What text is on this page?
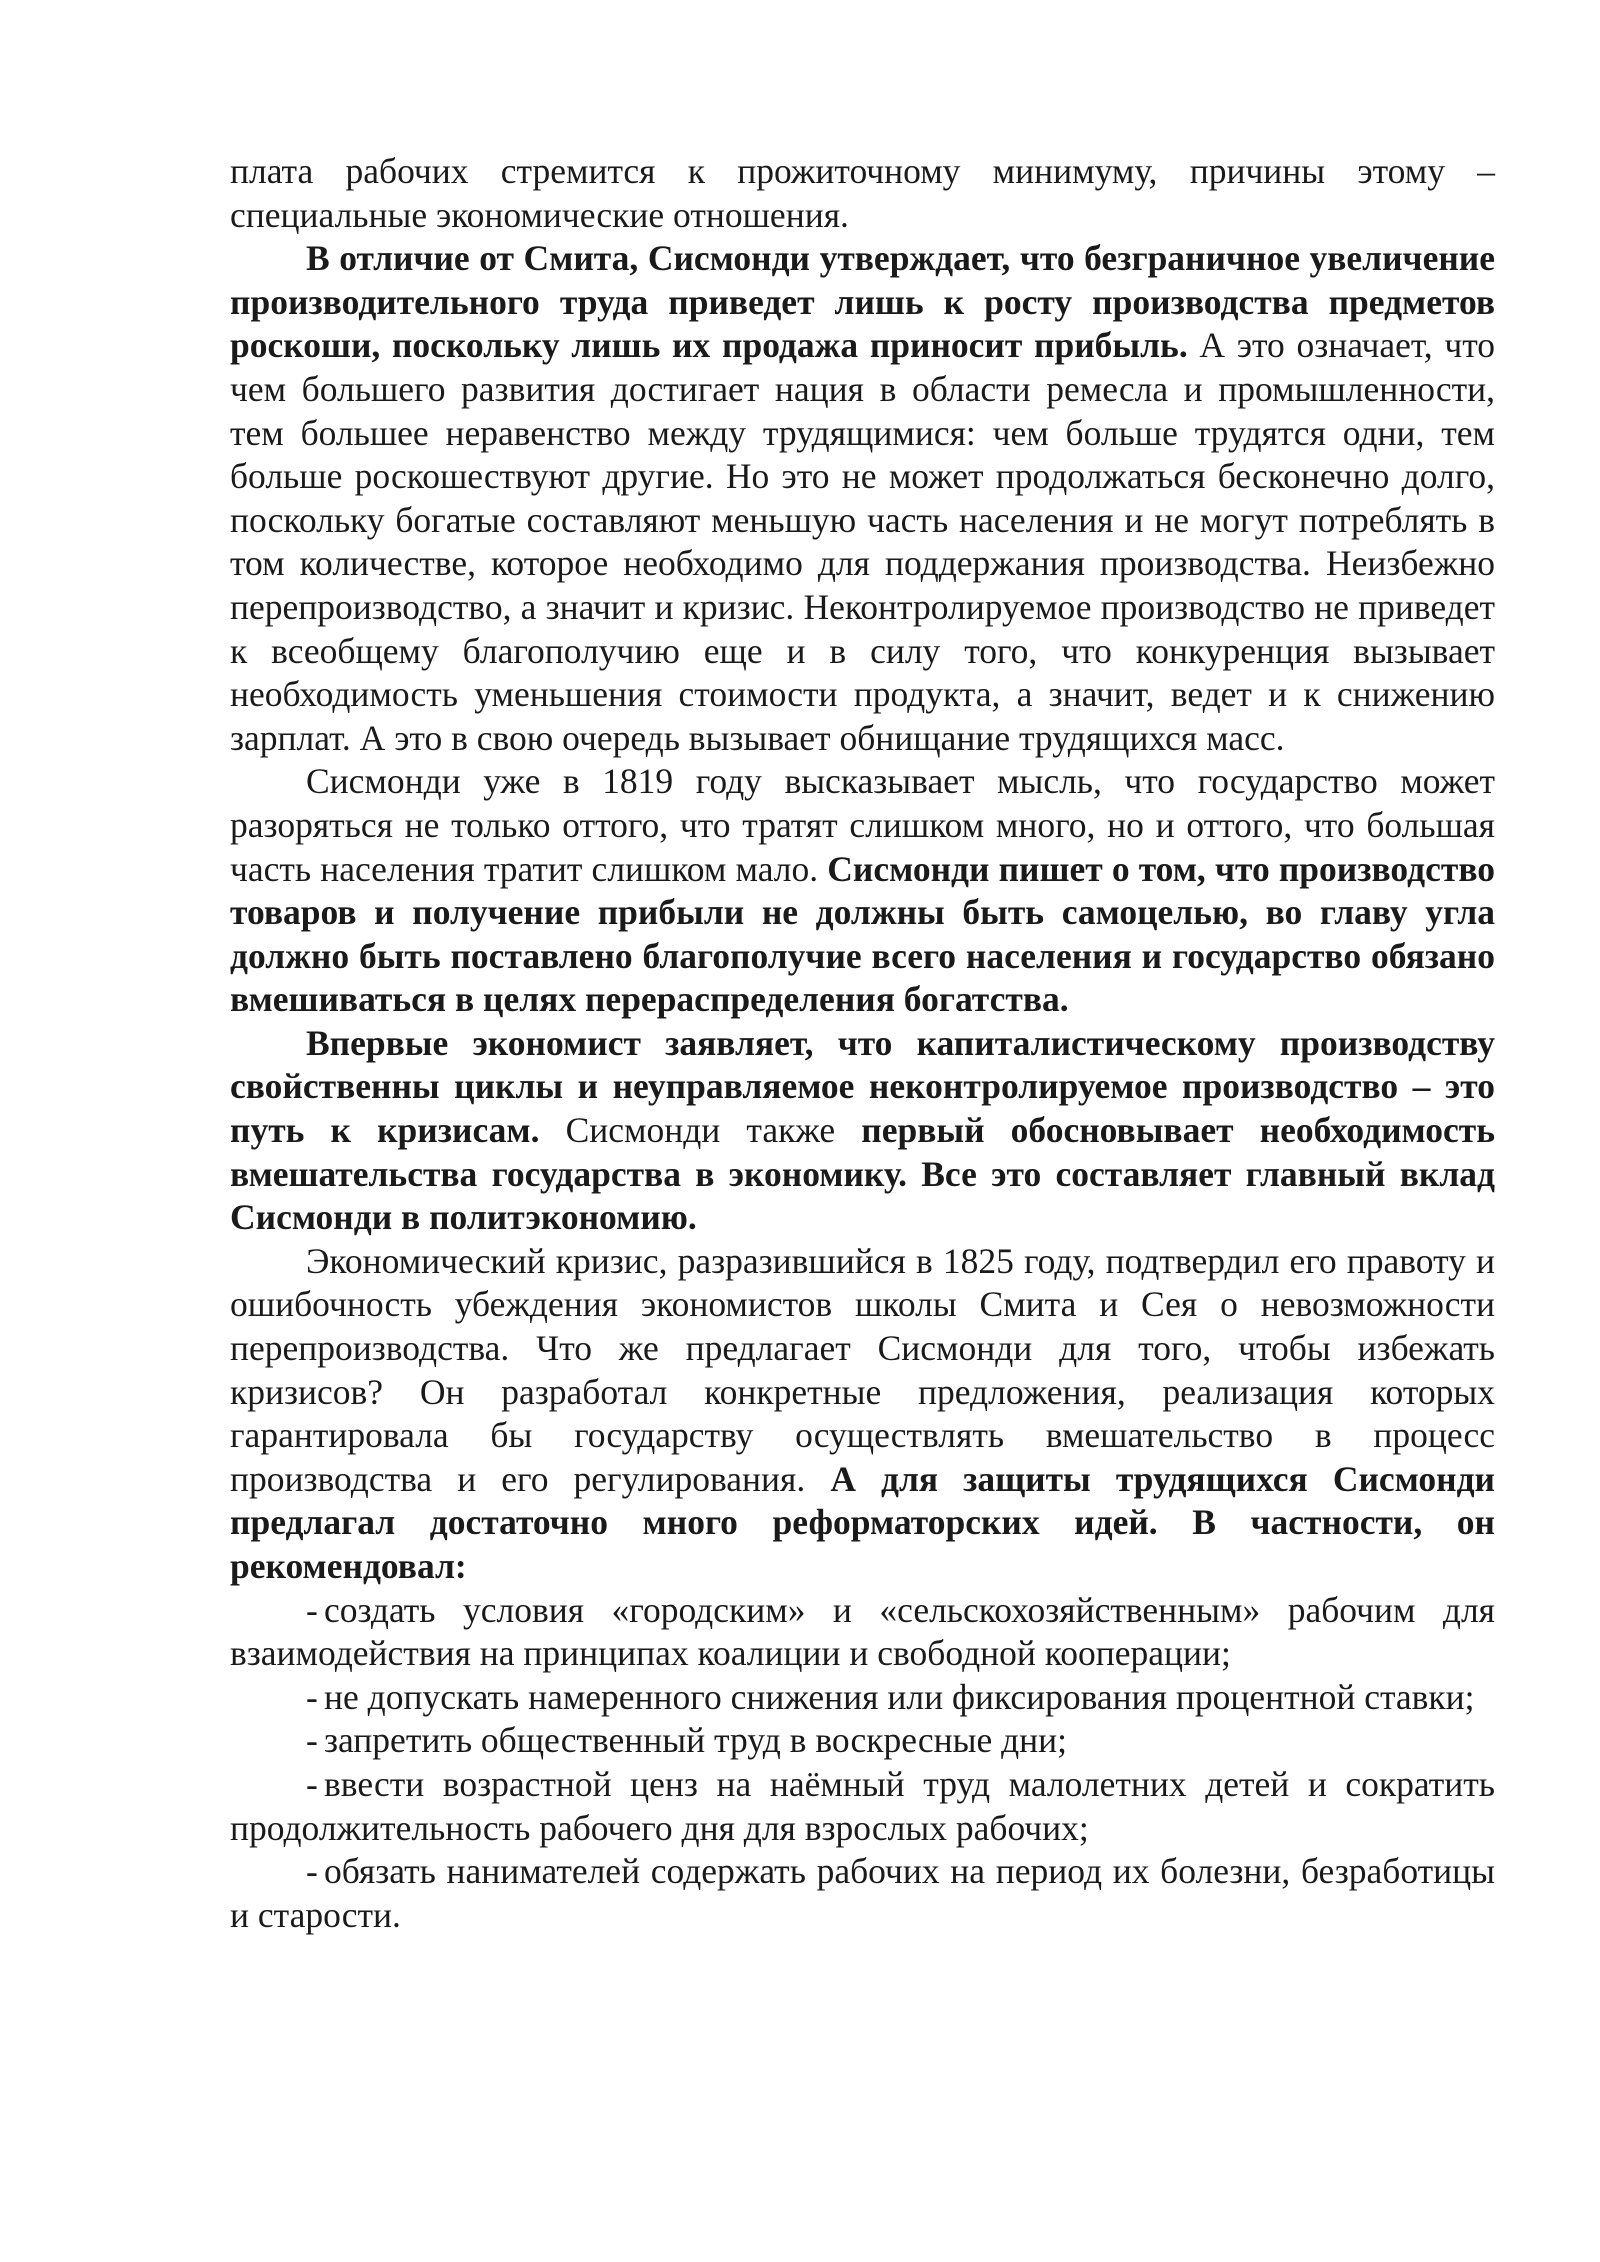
плата рабочих стремится к прожиточному минимуму, причины этому – специальные экономические отношения.

В отличие от Смита, Сисмонди утверждает, что безграничное увеличение производительного труда приведет лишь к росту производства предметов роскоши, поскольку лишь их продажа приносит прибыль. А это означает, что чем большего развития достигает нация в области ремесла и промышленности, тем большее неравенство между трудящимися: чем больше трудятся одни, тем больше роскошествуют другие. Но это не может продолжаться бесконечно долго, поскольку богатые составляют меньшую часть населения и не могут потреблять в том количестве, которое необходимо для поддержания производства. Неизбежно перепроизводство, а значит и кризис. Неконтролируемое производство не приведет к всеобщему благополучию еще и в силу того, что конкуренция вызывает необходимость уменьшения стоимости продукта, а значит, ведет и к снижению зарплат. А это в свою очередь вызывает обнищание трудящихся масс.

Сисмонди уже в 1819 году высказывает мысль, что государство может разоряться не только оттого, что тратят слишком много, но и оттого, что большая часть населения тратит слишком мало. Сисмонди пишет о том, что производство товаров и получение прибыли не должны быть самоцелью, во главу угла должно быть поставлено благополучие всего населения и государство обязано вмешиваться в целях перераспределения богатства.

Впервые экономист заявляет, что капиталистическому производству свойственны циклы и неуправляемое неконтролируемое производство – это путь к кризисам. Сисмонди также первый обосновывает необходимость вмешательства государства в экономику. Все это составляет главный вклад Сисмонди в политэкономию.

Экономический кризис, разразившийся в 1825 году, подтвердил его правоту и ошибочность убеждения экономистов школы Смита и Сея о невозможности перепроизводства. Что же предлагает Сисмонди для того, чтобы избежать кризисов? Он разработал конкретные предложения, реализация которых гарантировала бы государству осуществлять вмешательство в процесс производства и его регулирования. А для защиты трудящихся Сисмонди предлагал достаточно много реформаторских идей. В частности, он рекомендовал:

- создать условия «городским» и «сельскохозяйственным» рабочим для взаимодействия на принципах коалиции и свободной кооперации;

- не допускать намеренного снижения или фиксирования процентной ставки;

- запретить общественный труд в воскресные дни;

- ввести возрастной ценз на наёмный труд малолетних детей и сократить продолжительность рабочего дня для взрослых рабочих;

- обязать нанимателей содержать рабочих на период их болезни, безработицы и старости.
